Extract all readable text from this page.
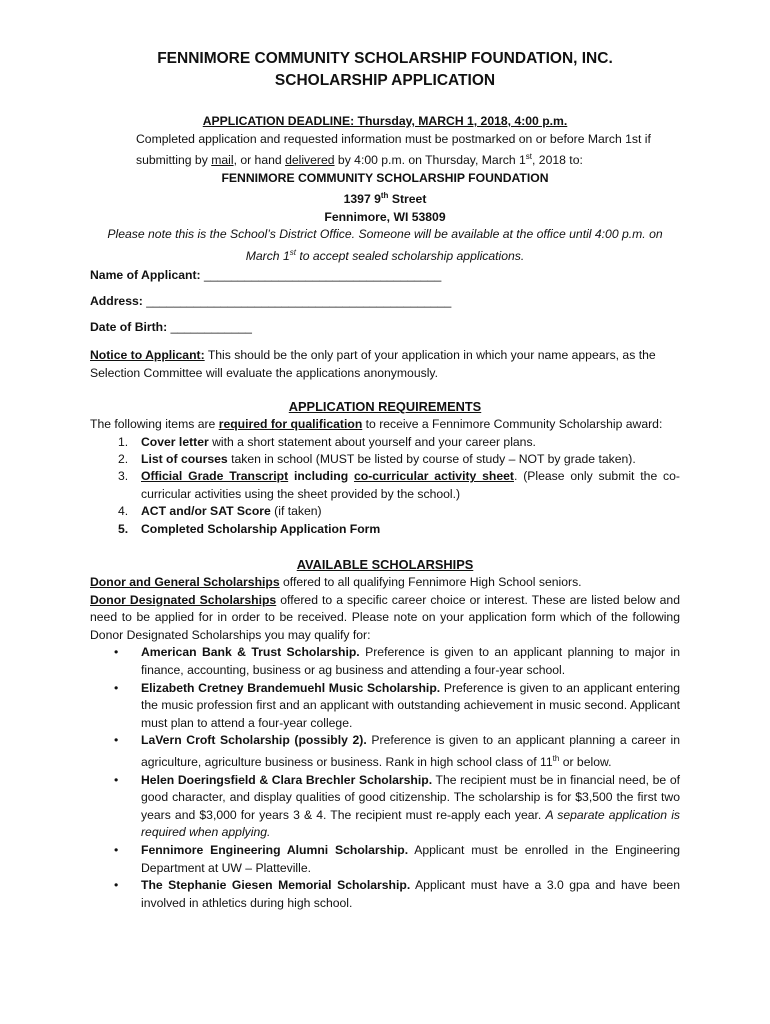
FENNIMORE COMMUNITY SCHOLARSHIP FOUNDATION, INC.
SCHOLARSHIP APPLICATION
APPLICATION DEADLINE: Thursday, MARCH 1, 2018, 4:00 p.m.
Completed application and requested information must be postmarked on or before March 1st if
submitting by mail, or hand delivered by 4:00 p.m. on Thursday, March 1st, 2018 to:
FENNIMORE COMMUNITY SCHOLARSHIP FOUNDATION
1397 9th Street
Fennimore, WI 53809
Please note this is the School’s District Office. Someone will be available at the office until 4:00 p.m. on
March 1st to accept sealed scholarship applications.
Name of Applicant: ___________________________________
Address: _____________________________________________
Date of Birth: ____________
Notice to Applicant: This should be the only part of your application in which your name appears, as the
Selection Committee will evaluate the applications anonymously.
APPLICATION REQUIREMENTS
The following items are required for qualification to receive a Fennimore Community Scholarship award:
1. Cover letter with a short statement about yourself and your career plans.
2. List of courses taken in school (MUST be listed by course of study – NOT by grade taken).
3. Official Grade Transcript including co-curricular activity sheet. (Please only submit the co-curricular activities using the sheet provided by the school.)
4. ACT and/or SAT Score (if taken)
5. Completed Scholarship Application Form
AVAILABLE SCHOLARSHIPS
Donor and General Scholarships offered to all qualifying Fennimore High School seniors.
Donor Designated Scholarships offered to a specific career choice or interest. These are listed below and need to be applied for in order to be received. Please note on your application form which of the following Donor Designated Scholarships you may qualify for:
• American Bank & Trust Scholarship. Preference is given to an applicant planning to major in finance, accounting, business or ag business and attending a four-year school.
• Elizabeth Cretney Brandemuehl Music Scholarship. Preference is given to an applicant entering the music profession first and an applicant with outstanding achievement in music second. Applicant must plan to attend a four-year college.
• LaVern Croft Scholarship (possibly 2). Preference is given to an applicant planning a career in agriculture, agriculture business or business. Rank in high school class of 11th or below.
• Helen Doeringsfield & Clara Brechler Scholarship. The recipient must be in financial need, be of good character, and display qualities of good citizenship. The scholarship is for $3,500 the first two years and $3,000 for years 3 & 4. The recipient must re-apply each year. A separate application is required when applying.
• Fennimore Engineering Alumni Scholarship. Applicant must be enrolled in the Engineering Department at UW – Platteville.
• The Stephanie Giesen Memorial Scholarship. Applicant must have a 3.0 gpa and have been involved in athletics during high school.
